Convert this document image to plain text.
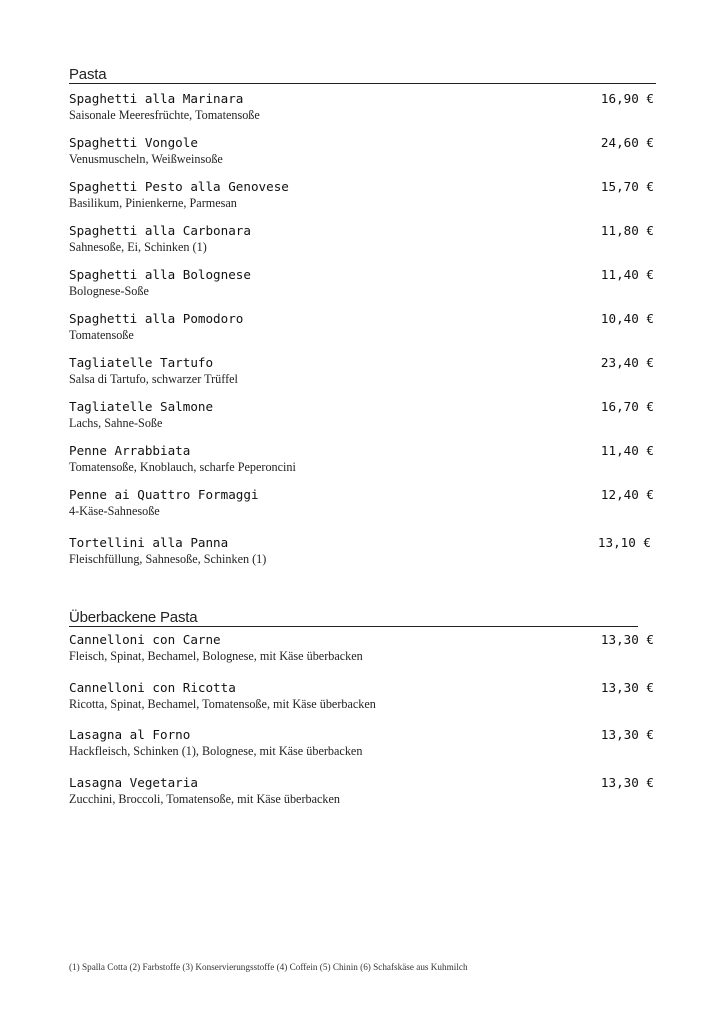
Pasta
Spaghetti alla Marinara
Saisonale Meeresfrüchte, Tomatensoße
16,90 €
Spaghetti Vongole
Venusmuscheln, Weißweinsoße
24,60 €
Spaghetti Pesto alla Genovese
Basilikum, Pinienkerne, Parmesan
15,70 €
Spaghetti alla Carbonara
Sahnesoße, Ei, Schinken (1)
11,80 €
Spaghetti alla Bolognese
Bolognese-Soße
11,40 €
Spaghetti alla Pomodoro
Tomatensoße
10,40 €
Tagliatelle Tartufo
Salsa di Tartufo, schwarzer Trüffel
23,40 €
Tagliatelle Salmone
Lachs, Sahne-Soße
16,70 €
Penne Arrabbiata
Tomatensoße, Knoblauch, scharfe Peperoncini
11,40 €
Penne ai Quattro Formaggi
4-Käse-Sahnesoße
12,40 €
Tortellini alla Panna
Fleischfüllung, Sahnesoße, Schinken (1)
13,10 €
Überbackene Pasta
Cannelloni con Carne
Fleisch, Spinat, Bechamel, Bolognese, mit Käse überbacken
13,30 €
Cannelloni con Ricotta
Ricotta, Spinat, Bechamel, Tomatensoße, mit Käse überbacken
13,30 €
Lasagna al Forno
Hackfleisch, Schinken (1), Bolognese, mit Käse überbacken
13,30 €
Lasagna Vegetaria
Zucchini, Broccoli, Tomatensoße, mit Käse überbacken
13,30 €
(1) Spalla Cotta (2) Farbstoffe (3) Konservierungsstoffe (4) Coffein (5) Chinin (6) Schafskäse aus Kuhmilch
